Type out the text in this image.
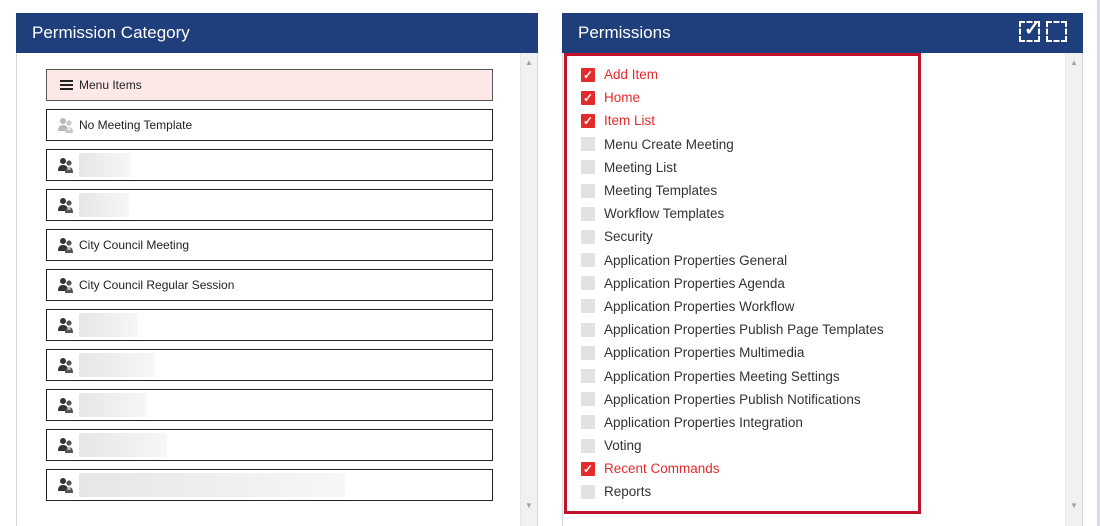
Permission Category
Menu Items
No Meeting Template
City Council Meeting
City Council Regular Session
▲
▼
Permissions	✓
✓ Add Item
✓ Home
✓ Item List
Menu Create Meeting
Meeting List
Meeting Templates
Workflow Templates
Security
Application Properties General
Application Properties Agenda
Application Properties Workflow
Application Properties Publish Page Templates
Application Properties Multimedia
Application Properties Meeting Settings
Application Properties Publish Notifications
Application Properties Integration
Voting
✓ Recent Commands
Reports
▲
▼
